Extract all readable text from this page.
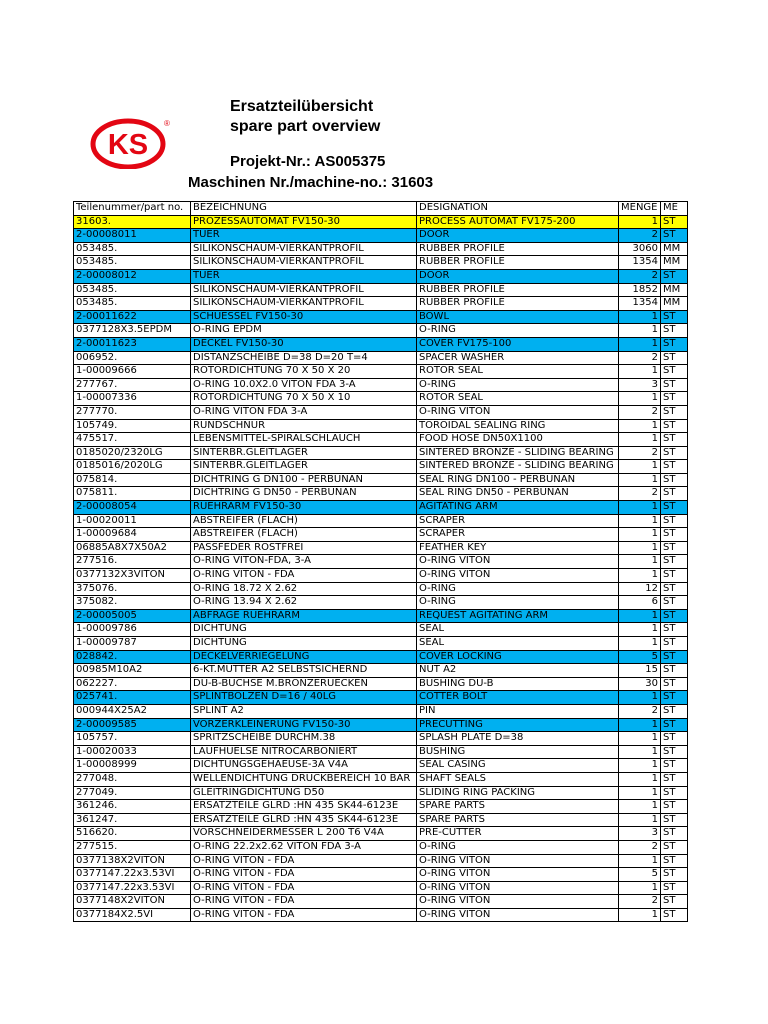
KS
®
Ersatzteilübersicht
spare part overview
Projekt-Nr.: AS005375
Maschinen Nr./machine-no.: 31603
Teilenummer/part no.	BEZEICHNUNG	DESIGNATION	MENGE	ME
31603.	PROZESSAUTOMAT FV150-30	PROCESS AUTOMAT FV175-200	1	ST
2-00008011	TUER	DOOR	2	ST
053485.	SILIKONSCHAUM-VIERKANTPROFIL	RUBBER PROFILE	3060	MM
053485.	SILIKONSCHAUM-VIERKANTPROFIL	RUBBER PROFILE	1354	MM
2-00008012	TUER	DOOR	2	ST
053485.	SILIKONSCHAUM-VIERKANTPROFIL	RUBBER PROFILE	1852	MM
053485.	SILIKONSCHAUM-VIERKANTPROFIL	RUBBER PROFILE	1354	MM
2-00011622	SCHUESSEL FV150-30	BOWL	1	ST
0377128X3.5EPDM	O-RING EPDM	O-RING	1	ST
2-00011623	DECKEL FV150-30	COVER FV175-100	1	ST
006952.	DISTANZSCHEIBE D=38 D=20 T=4	SPACER WASHER	2	ST
1-00009666	ROTORDICHTUNG 70 X 50 X 20	ROTOR SEAL	1	ST
277767.	O-RING 10.0X2.0 VITON FDA 3-A	O-RING	3	ST
1-00007336	ROTORDICHTUNG 70 X 50 X 10	ROTOR SEAL	1	ST
277770.	O-RING VITON FDA 3-A	O-RING VITON	2	ST
105749.	RUNDSCHNUR	TOROIDAL SEALING RING	1	ST
475517.	LEBENSMITTEL-SPIRALSCHLAUCH	FOOD HOSE DN50X1100	1	ST
0185020/2320LG	SINTERBR.GLEITLAGER	SINTERED BRONZE - SLIDING BEARING	2	ST
0185016/2020LG	SINTERBR.GLEITLAGER	SINTERED BRONZE - SLIDING BEARING	1	ST
075814.	DICHTRING G DN100 - PERBUNAN	SEAL RING DN100 - PERBUNAN	1	ST
075811.	DICHTRING G DN50 - PERBUNAN	SEAL RING DN50 - PERBUNAN	2	ST
2-00008054	RUEHRARM FV150-30	AGITATING ARM	1	ST
1-00020011	ABSTREIFER (FLACH)	SCRAPER	1	ST
1-00009684	ABSTREIFER (FLACH)	SCRAPER	1	ST
06885A8X7X50A2	PASSFEDER ROSTFREI	FEATHER KEY	1	ST
277516.	O-RING VITON-FDA, 3-A	O-RING VITON	1	ST
0377132X3VITON	O-RING VITON - FDA	O-RING VITON	1	ST
375076.	O-RING 18.72 X 2.62	O-RING	12	ST
375082.	O-RING 13.94 X 2.62	O-RING	6	ST
2-00005005	ABFRAGE RUEHRARM	REQUEST AGITATING ARM	1	ST
1-00009786	DICHTUNG	SEAL	1	ST
1-00009787	DICHTUNG	SEAL	1	ST
028842.	DECKELVERRIEGELUNG	COVER LOCKING	5	ST
00985M10A2	6-KT.MUTTER A2 SELBSTSICHERND	NUT A2	15	ST
062227.	DU-B-BUCHSE M.BRONZERUECKEN	BUSHING DU-B	30	ST
025741.	SPLINTBOLZEN D=16 / 40LG	COTTER BOLT	1	ST
000944X25A2	SPLINT A2	PIN	2	ST
2-00009585	VORZERKLEINERUNG FV150-30	PRECUTTING	1	ST
105757.	SPRITZSCHEIBE DURCHM.38	SPLASH PLATE D=38	1	ST
1-00020033	LAUFHUELSE NITROCARBONIERT	BUSHING	1	ST
1-00008999	DICHTUNGSGEHAEUSE-3A V4A	SEAL CASING	1	ST
277048.	WELLENDICHTUNG DRUCKBEREICH 10 BAR	SHAFT SEALS	1	ST
277049.	GLEITRINGDICHTUNG D50	SLIDING RING PACKING	1	ST
361246.	ERSATZTEILE GLRD :HN 435 SK44-6123E	SPARE PARTS	1	ST
361247.	ERSATZTEILE GLRD :HN 435 SK44-6123E	SPARE PARTS	1	ST
516620.	VORSCHNEIDERMESSER L 200 T6 V4A	PRE-CUTTER	3	ST
277515.	O-RING 22.2x2.62 VITON FDA 3-A	O-RING	2	ST
0377138X2VITON	O-RING VITON - FDA	O-RING VITON	1	ST
0377147.22x3.53VI	O-RING VITON - FDA	O-RING VITON	5	ST
0377147.22x3.53VI	O-RING VITON - FDA	O-RING VITON	1	ST
0377148X2VITON	O-RING VITON - FDA	O-RING VITON	2	ST
0377184X2.5VI	O-RING VITON - FDA	O-RING VITON	1	ST
